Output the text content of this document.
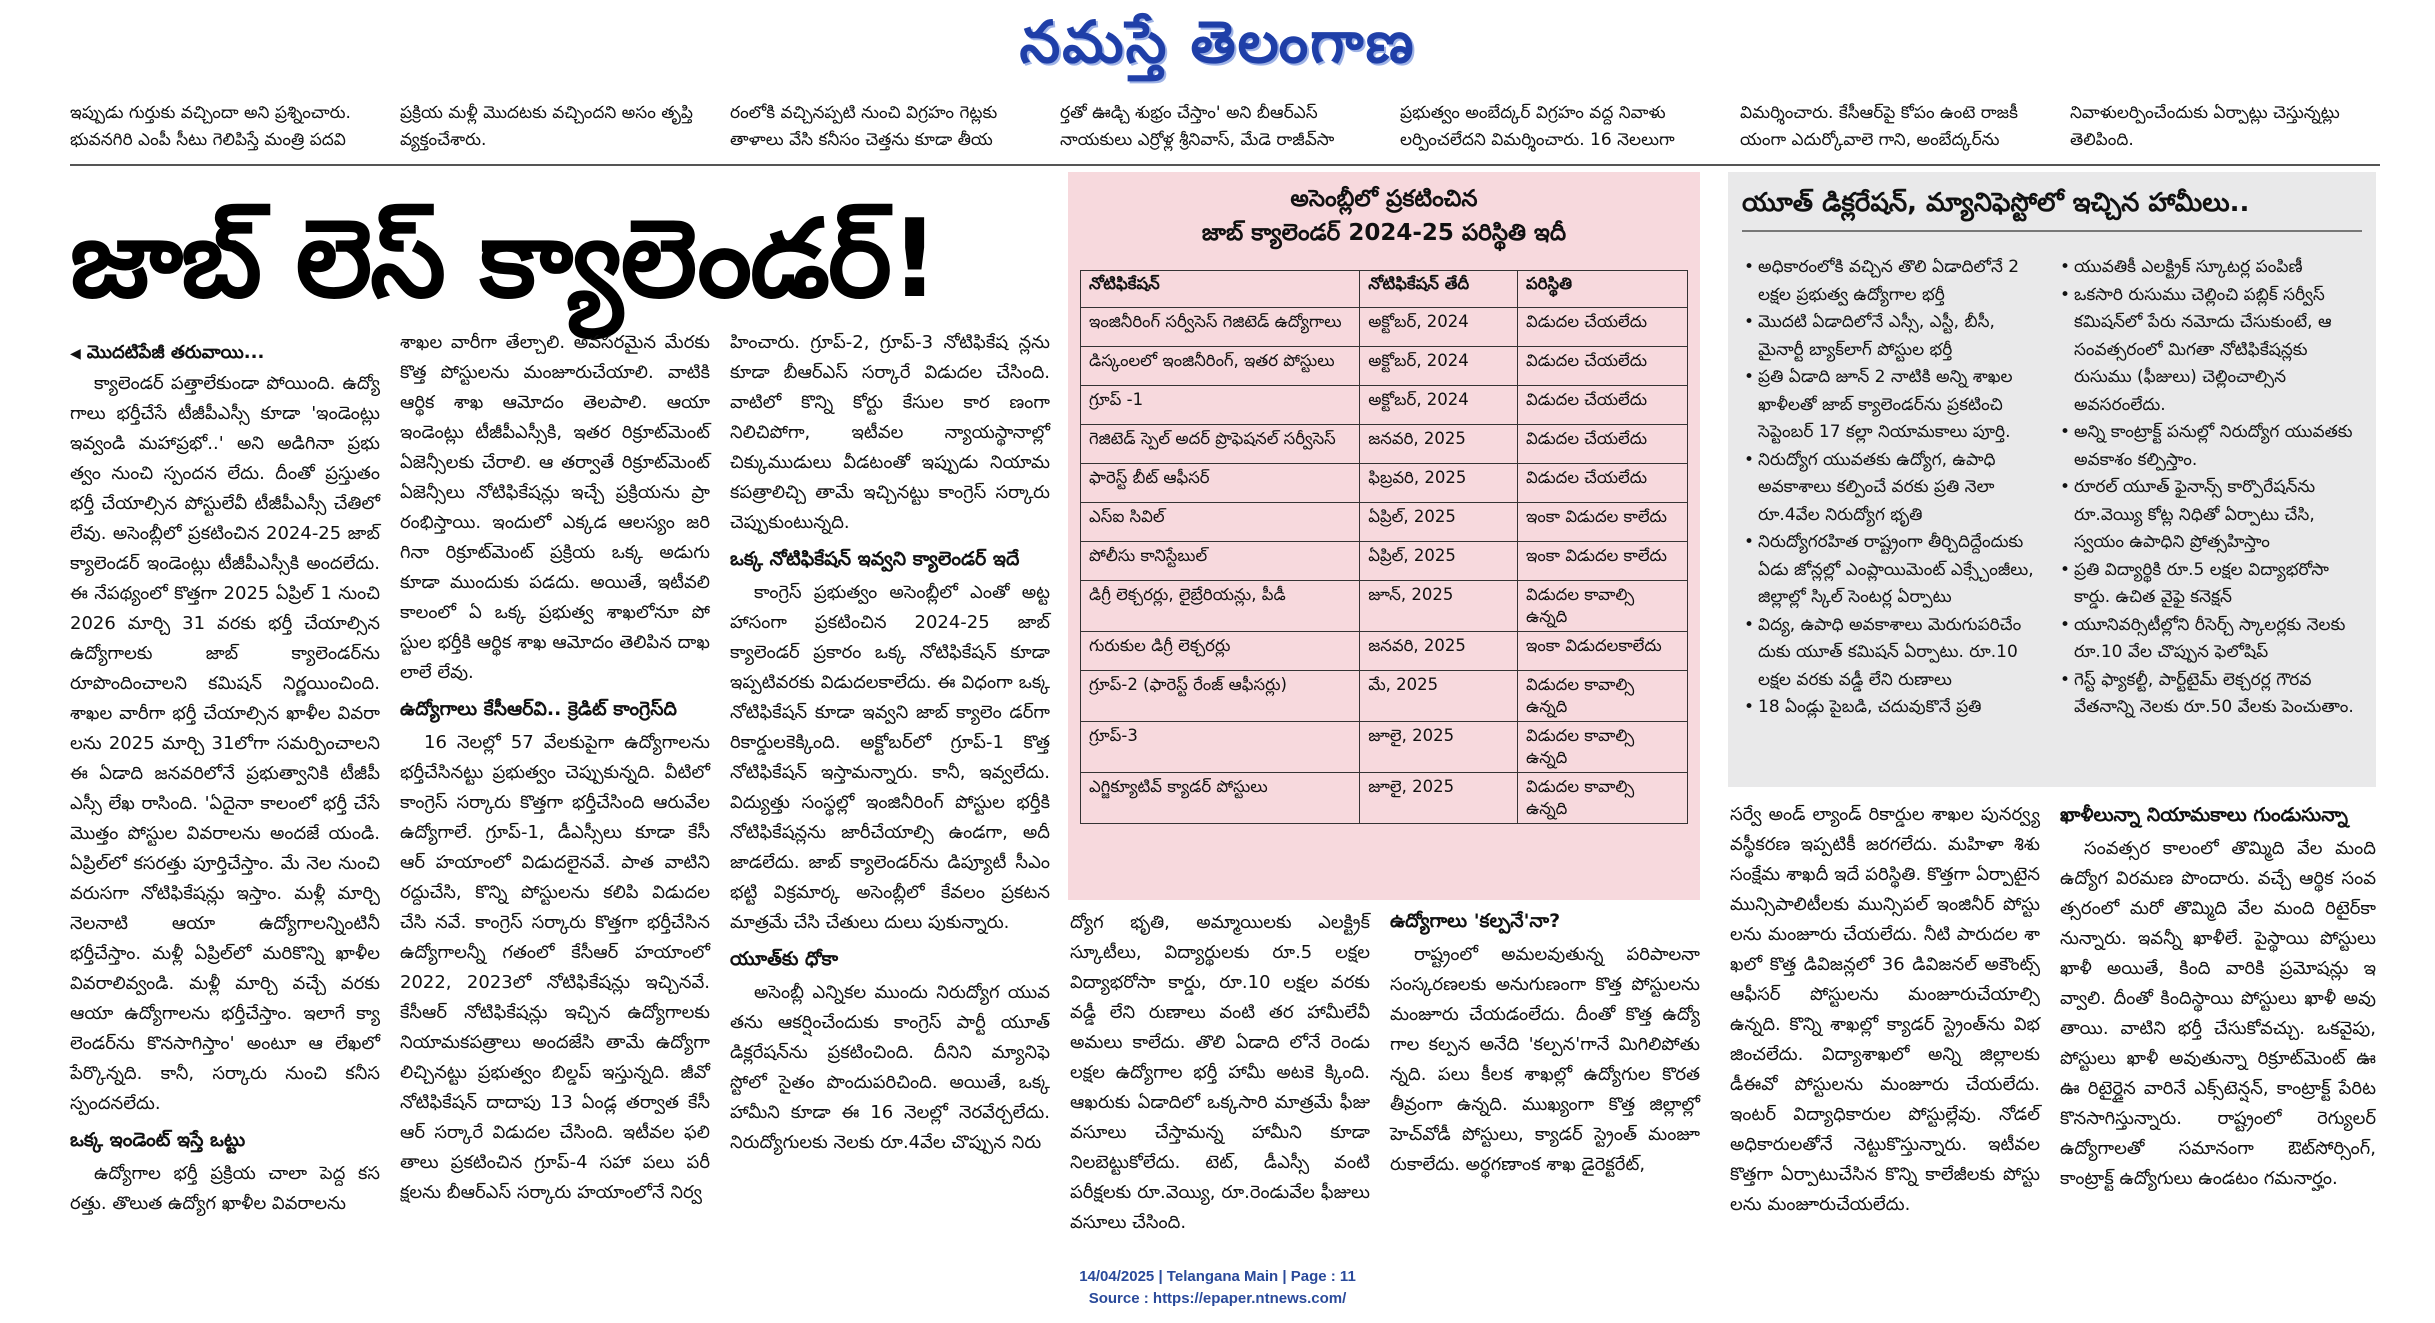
నమస్తే తెలంగాణ
ఇప్పుడు గుర్తుకు వచ్చిందా అని ప్రశ్నించారు. భువనగిరి ఎంపీ సీటు గెలిపిస్తే మంత్రి పదవి
ప్రక్రియ మళ్లీ మొదటకు వచ్చిందని అసం తృప్తి వ్యక్తంచేశారు.
రంలోకి వచ్చినప్పటి నుంచి విగ్రహం గెట్లకు తాళాలు వేసి కనీసం చెత్తను కూడా తీయ
ర్తతో ఊడ్చి శుభ్రం చేస్తాం' అని బీఆర్ఎస్ నాయకులు ఎర్రోళ్ల శ్రీనివాస్, మేడె రాజీవ్‌సా
ప్రభుత్వం అంబేద్కర్ విగ్రహం వద్ద నివాళు లర్పించలేదని విమర్శించారు. 16 నెలలుగా
విమర్శించారు. కేసీఆర్‌పై కోపం ఉంటె రాజకీ యంగా ఎదుర్కోవాలె గాని, అంబేద్కర్‌ను
నివాళులర్పించేందుకు ఏర్పాట్లు చెస్తున్నట్లు తెలిపింది.
జాబ్ లెస్ క్యాలెండర్!
◀ మొదటిపేజీ తరువాయి...

క్యాలెండర్ పత్తాలేకుండా పోయింది. ఉద్యో గాలు భర్తీచేసే టీజీపీఎస్సీ కూడా 'ఇండెంట్లు ఇవ్వండి మహాప్రభో..' అని అడిగినా ప్రభు త్వం నుంచి స్పందన లేదు. దీంతో ప్రస్తుతం భర్తీ చేయాల్సిన పోస్టులేవీ టీజీపీఎస్సీ చేతిలో లేవు. అసెంబ్లీలో ప్రకటించిన 2024-25 జాబ్ క్యాలెండర్ ఇండెంట్లు టీజీపీఎస్సీకి అందలేదు. ఈ నేపథ్యంలో కొత్తగా 2025 ఏప్రిల్ 1 నుంచి 2026 మార్చి 31 వరకు భర్తీ చేయాల్సిన ఉద్యోగాలకు జాబ్ క్యాలెండర్‌ను రూపొందించాలని కమిషన్ నిర్ణయించింది. శాఖల వారీగా భర్తీ చేయాల్సిన ఖాళీల వివరా లను 2025 మార్చి 31లోగా సమర్పించాలని ఈ ఏడాది జనవరిలోనే ప్రభుత్వానికి టీజీపీ ఎస్సీ లేఖ రాసింది. 'ఏదైనా కాలంలో భర్తీ చేసే మొత్తం పోస్టుల వివరాలను అందజే యండి. ఏప్రిల్‌లో కసరత్తు పూర్తిచేస్తాం. మే నెల నుంచి వరుసగా నోటిఫికేషన్లు ఇస్తాం. మళ్లీ మార్చి నెలనాటి ఆయా ఉద్యోగాలన్నింటినీ భర్తీచేస్తాం. మళ్లీ ఏప్రిల్‌లో మరికొన్ని ఖాళీల వివరాలివ్వండి. మళ్లీ మార్చి వచ్చే వరకు ఆయా ఉద్యోగాలను భర్తీచేస్తాం. ఇలాగే క్యా లెండర్‌ను కొనసాగిస్తాం' అంటూ ఆ లేఖలో పేర్కొన్నది. కానీ, సర్కారు నుంచి కనీస స్పందనలేదు.

ఒక్క ఇండెంట్ ఇస్తే ఒట్టు

ఉద్యోగాల భర్తీ ప్రక్రియ చాలా పెద్ద కస రత్తు. తొలుత ఉద్యోగ ఖాళీల వివరాలను

శాఖల వారీగా తేల్చాలి. అవసరమైన మేరకు కొత్త పోస్టులను మంజూరుచేయాలి. వాటికి ఆర్థిక శాఖ ఆమోదం తెలపాలి. ఆయా ఇండెంట్లు టీజీపీఎస్సీకి, ఇతర రిక్రూట్‌మెంట్ ఏజెన్సీలకు చేరాలి. ఆ తర్వాతే రిక్రూట్‌మెంట్ ఏజెన్సీలు నోటిఫికేషన్లు ఇచ్చే ప్రక్రియను ప్రా రంభిస్తాయి. ఇందులో ఎక్కడ ఆలస్యం జరి గినా రిక్రూట్‌మెంట్ ప్రక్రియ ఒక్క అడుగు కూడా ముందుకు పడదు. అయితే, ఇటీవలి కాలంలో ఏ ఒక్క ప్రభుత్వ శాఖలోనూ పో స్టుల భర్తీకి ఆర్థిక శాఖ ఆమోదం తెలిపిన దాఖ లాలే లేవు.

ఉద్యోగాలు కేసీఆర్‌వి.. క్రెడిట్ కాంగ్రెస్‌ది

16 నెలల్లో 57 వేలకుపైగా ఉద్యోగాలను భర్తీచేసినట్టు ప్రభుత్వం చెప్పుకున్నది. వీటిలో కాంగ్రెస్ సర్కారు కొత్తగా భర్తీచేసింది ఆరువేల ఉద్యోగాలే. గ్రూప్-1, డీఎస్సీలు కూడా కేసీ ఆర్ హయాంలో విడుదలైనవే. పాత వాటిని రద్దుచేసి, కొన్ని పోస్టులను కలిపి విడుదల చేసి నవే. కాంగ్రెస్ సర్కారు కొత్తగా భర్తీచేసిన ఉద్యోగాలన్నీ గతంలో కేసీఆర్ హయాంలో 2022, 2023లో నోటిఫికేషన్లు ఇచ్చినవే. కేసీఆర్ నోటిఫికేషన్లు ఇచ్చిన ఉద్యోగాలకు నియామకపత్రాలు అందజేసి తామే ఉద్యోగా లిచ్చినట్టు ప్రభుత్వం బిల్డప్ ఇస్తున్నది. జీవో నోటిఫికేషన్ దాదాపు 13 ఏండ్ల తర్వాత కేసీ ఆర్ సర్కారే విడుదల చేసింది. ఇటీవల ఫలి తాలు ప్రకటించిన గ్రూప్-4 సహా పలు పరీ క్షలను బీఆర్ఎస్ సర్కారు హయాంలోనే నిర్వ

హించారు. గ్రూప్-2, గ్రూప్-3 నోటిఫికేష న్లను కూడా బీఆర్ఎస్ సర్కారే విడుదల చేసింది. వాటిలో కొన్ని కోర్టు కేసుల కార ణంగా నిలిచిపోగా, ఇటీవల న్యాయస్థానాల్లో చిక్కుముడులు వీడటంతో ఇప్పుడు నియామ కపత్రాలిచ్చి తామే ఇచ్చినట్టు కాంగ్రెస్ సర్కారు చెప్పుకుంటున్నది.

ఒక్క నోటిఫికేషన్ ఇవ్వని క్యాలెండర్ ఇదే

కాంగ్రెస్ ప్రభుత్వం అసెంబ్లీలో ఎంతో అట్ట హాసంగా ప్రకటించిన 2024-25 జాబ్ క్యాలెండర్ ప్రకారం ఒక్క నోటిఫికేషన్ కూడా ఇప్పటివరకు విడుదలకాలేదు. ఈ విధంగా ఒక్క నోటిఫికేషన్ కూడా ఇవ్వని జాబ్ క్యాలెం డర్‌గా రికార్డులకెక్కింది. అక్టోబర్‌లో గ్రూప్-1 కొత్త నోటిఫికేషన్ ఇస్తామన్నారు. కానీ, ఇవ్వలేదు. విద్యుత్తు సంస్థల్లో ఇంజినీరింగ్ పోస్టుల భర్తీకి నోటిఫికేషన్లను జారీచేయాల్సి ఉండగా, అదీ జాడలేదు. జాబ్ క్యాలెండర్‌ను డిప్యూటీ సీఎం భట్టి విక్రమార్క అసెంబ్లీలో కేవలం ప్రకటన మాత్రమే చేసి చేతులు దులు పుకున్నారు.

యూత్‌కు ధోకా

అసెంబ్లీ ఎన్నికల ముందు నిరుద్యోగ యువ తను ఆకర్షించేందుకు కాంగ్రెస్ పార్టీ యూత్ డిక్లరేషన్‌ను ప్రకటించింది. దీనిని మ్యానిఫె స్టోలో సైతం పొందుపరిచింది. అయితే, ఒక్క హామీని కూడా ఈ 16 నెలల్లో నెరవేర్చలేదు. నిరుద్యోగులకు నెలకు రూ.4వేల చొప్పున నిరు

అసెంబ్లీలో ప్రకటించిన
జాబ్ క్యాలెండర్ 2024-25 పరిస్థితి ఇదీ
నోటిఫికేషన్	నోటిఫికేషన్ తేదీ	పరిస్థితి
ఇంజినీరింగ్ సర్వీసెస్ గెజిటెడ్ ఉద్యోగాలు	అక్టోబర్, 2024	విడుదల చేయలేదు
డిస్కంలలో ఇంజినీరింగ్, ఇతర పోస్టులు	అక్టోబర్, 2024	విడుదల చేయలేదు
గ్రూప్ -1	అక్టోబర్, 2024	విడుదల చేయలేదు
గెజిటెడ్ స్పెల్ అదర్ ప్రొఫెషనల్ సర్వీసెస్	జనవరి, 2025	విడుదల చేయలేదు
ఫారెస్ట్ బీట్ ఆఫీసర్	ఫిబ్రవరి, 2025	విడుదల చేయలేదు
ఎస్ఐ సివిల్	ఏప్రిల్, 2025	ఇంకా విడుదల కాలేదు
పోలీసు కానిస్టేబుల్	ఏప్రిల్, 2025	ఇంకా విడుదల కాలేదు
డిగ్రీ లెక్చరర్లు, లైబ్రేరియన్లు, పీడీ	జూన్, 2025	విడుదల కావాల్సి ఉన్నది
గురుకుల డిగ్రీ లెక్చరర్లు	జనవరి, 2025	ఇంకా విడుదలకాలేదు
గ్రూప్-2 (ఫారెస్ట్ రేంజ్ ఆఫీసర్లు)	మే, 2025	విడుదల కావాల్సి ఉన్నది
గ్రూప్-3	జూలై, 2025	విడుదల కావాల్సి ఉన్నది
ఎగ్జిక్యూటివ్ క్యాడర్ పోస్టులు	జూలై, 2025	విడుదల కావాల్సి ఉన్నది
యూత్ డిక్లరేషన్, మ్యానిఫెస్టోలో ఇచ్చిన హామీలు..
• అధికారంలోకి వచ్చిన తొలి ఏడాదిలోనే 2 లక్షల ప్రభుత్వ ఉద్యోగాల భర్తీ
• మొదటి ఏడాదిలోనే ఎస్సీ, ఎస్టీ, బీసీ, మైనార్టీ బ్యాక్‌లాగ్ పోస్టుల భర్తీ
• ప్రతి ఏడాది జూన్ 2 నాటికి అన్ని శాఖల ఖాళీలతో జాబ్ క్యాలెండర్‌ను ప్రకటించి సెప్టెంబర్ 17 కల్లా నియామకాలు పూర్తి.
• నిరుద్యోగ యువతకు ఉద్యోగ, ఉపాధి అవకాశాలు కల్పించే వరకు ప్రతి నెలా రూ.4వేల నిరుద్యోగ భృతి
• నిరుద్యోగరహిత రాష్ట్రంగా తీర్చిదిద్దేందుకు ఏడు జోన్లల్లో ఎంప్లాయిమెంట్ ఎక్స్చేంజీలు, జిల్లాల్లో స్కిల్ సెంటర్ల ఏర్పాటు
• విద్య, ఉపాధి అవకాశాలు మెరుగుపరిచేం దుకు యూత్ కమిషన్ ఏర్పాటు. రూ.10 లక్షల వరకు వడ్డీ లేని రుణాలు
• 18 ఏండ్లు పైబడి, చదువుకొనే ప్రతి
• యువతికీ ఎలక్ట్రిక్ స్కూటర్ల పంపిణీ
• ఒకసారి రుసుము చెల్లించి పబ్లిక్ సర్వీస్ కమిషన్‌లో పేరు నమోదు చేసుకుంటే, ఆ సంవత్సరంలో మిగతా నోటిఫికేషన్లకు రుసుము (ఫీజులు) చెల్లించాల్సిన అవసరంలేదు.
• అన్ని కాంట్రాక్ట్ పనుల్లో నిరుద్యోగ యువతకు అవకాశం కల్పిస్తాం.
• రూరల్ యూత్ ఫైనాన్స్ కార్పొరేషన్‌ను రూ.వెయ్యి కోట్ల నిధితో ఏర్పాటు చేసి, స్వయం ఉపాధిని ప్రోత్సహిస్తాం
• ప్రతి విద్యార్థికి రూ.5 లక్షల విద్యాభరోసా కార్డు. ఉచిత వైఫై కనెక్షన్
• యూనివర్సిటీల్లోని రీసెర్చ్ స్కాలర్లకు నెలకు రూ.10 వేల చొప్పున ఫెలోషిప్
• గెస్ట్ ఫ్యాకల్టీ, పార్ట్‌టైమ్ లెక్చరర్ల గౌరవ వేతనాన్ని నెలకు రూ.50 వేలకు పెంచుతాం.

ద్యోగ భృతి, అమ్మాయిలకు ఎలక్ట్రిక్ స్కూటీలు, విద్యార్థులకు రూ.5 లక్షల విద్యాభరోసా కార్డు, రూ.10 లక్షల వరకు వడ్డీ లేని రుణాలు వంటి తర హామీలేవీ అమలు కాలేదు. తొలి ఏడాది లోనే రెండు లక్షల ఉద్యోగాల భర్తీ హామీ అటకె క్కింది. ఆఖరుకు ఏడాదిలో ఒక్కసారి మాత్రమే ఫీజు వసూలు చేస్తామన్న హామీని కూడా నిలబెట్టుకోలేదు. టెట్, డీఎస్సీ వంటి పరీక్షలకు రూ.వెయ్యి, రూ.రెండువేల ఫీజులు వసూలు చేసింది.

ఉద్యోగాలు 'కల్పనే'నా?

రాష్ట్రంలో అమలవుతున్న పరిపాలనా సంస్కరణలకు అనుగుణంగా కొత్త పోస్టులను మంజూరు చేయడంలేదు. దీంతో కొత్త ఉద్యో గాల కల్పన అనేది 'కల్పన'గానే మిగిలిపోతు న్నది. పలు కీలక శాఖల్లో ఉద్యోగుల కొరత తీవ్రంగా ఉన్నది. ముఖ్యంగా కొత్త జిల్లాల్లో హెచ్‌వోడీ పోస్టులు, క్యాడర్ స్ట్రెంత్ మంజూ రుకాలేదు. అర్థగణాంక శాఖ డైరెక్టరేట్,

సర్వే అండ్ ల్యాండ్ రికార్డుల శాఖల పునర్వ్య వస్థీకరణ ఇప్పటికీ జరగలేదు. మహిళా శిశు సంక్షేమ శాఖదీ ఇదే పరిస్థితి. కొత్తగా ఏర్పాటైన మున్సిపాలిటీలకు మున్సిపల్ ఇంజినీర్ పోస్టు లను మంజూరు చేయలేదు. నీటి పారుదల శా ఖలో కొత్త డివిజన్లలో 36 డివిజనల్ అకౌంట్స్ ఆఫీసర్ పోస్టులను మంజూరుచేయాల్సి ఉన్నది. కొన్ని శాఖల్లో క్యాడర్ స్ట్రెంత్‌ను విభ జించలేదు. విద్యాశాఖలో అన్ని జిల్లాలకు డీఈవో పోస్టులను మంజూరు చేయలేదు. ఇంటర్ విద్యాధికారుల పోస్టుల్లేవు. నోడల్ అధికారులతోనే నెట్టుకొస్తున్నారు. ఇటీవల కొత్తగా ఏర్పాటుచేసిన కొన్ని కాలేజీలకు పోస్టు లను మంజూరుచేయలేదు.

ఖాళీలున్నా నియామకాలు గుండుసున్నా

సంవత్సర కాలంలో తొమ్మిది వేల మంది ఉద్యోగ విరమణ పొందారు. వచ్చే ఆర్థిక సంవ త్సరంలో మరో తొమ్మిది వేల మంది రిటైర్‌కా నున్నారు. ఇవన్నీ ఖాళీలే. పైస్థాయి పోస్టులు ఖాళీ అయితే, కింది వారికి ప్రమోషన్లు ఇ వ్వాలి. దీంతో కిందిస్థాయి పోస్టులు ఖాళీ అవు తాయి. వాటిని భర్తీ చేసుకోవచ్చు. ఒకవైపు, పోస్టులు ఖాళీ అవుతున్నా రిక్రూట్‌మెంట్ ఊ ఊ రిటైర్డైన వారినే ఎక్స్‌టెన్షన్, కాంట్రాక్ట్ పేరిట కొనసాగిస్తున్నారు. రాష్ట్రంలో రెగ్యులర్ ఉద్యోగాలతో సమానంగా ఔట్‌సోర్సింగ్, కాంట్రాక్ట్ ఉద్యోగులు ఉండటం గమనార్హం.

14/04/2025 | Telangana Main | Page : 11
Source : https://epaper.ntnews.com/
